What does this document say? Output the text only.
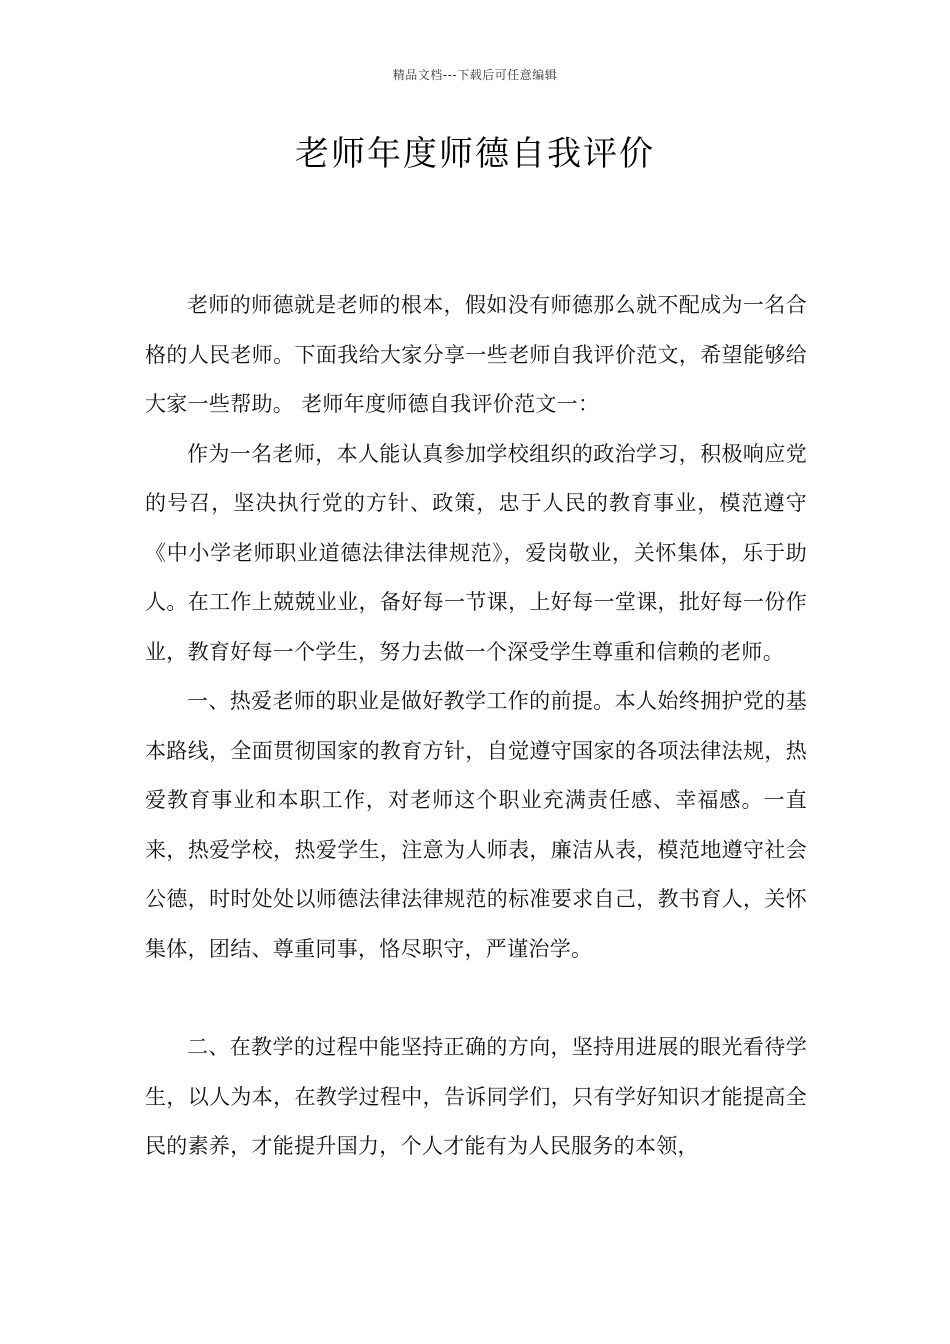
精品文档---下载后可任意编辑
老师年度师德自我评价

老师的师德就是老师的根本，假如没有师德那么就不配成为一名合格的人民老师。下面我给大家分享一些老师自我评价范文，希望能够给大家一些帮助。 老师年度师德自我评价范文一：

作为一名老师，本人能认真参加学校组织的政治学习，积极响应党的号召，坚决执行党的方针、政策，忠于人民的教育事业，模范遵守《中小学老师职业道德法律法律规范》，爱岗敬业，关怀集体，乐于助人。在工作上兢兢业业，备好每一节课，上好每一堂课，批好每一份作业，教育好每一个学生，努力去做一个深受学生尊重和信赖的老师。

一、热爱老师的职业是做好教学工作的前提。本人始终拥护党的基本路线，全面贯彻国家的教育方针，自觉遵守国家的各项法律法规，热爱教育事业和本职工作，对老师这个职业充满责任感、幸福感。一直来，热爱学校，热爱学生，注意为人师表，廉洁从表，模范地遵守社会公德，时时处处以师德法律法律规范的标准要求自己，教书育人，关怀集体，团结、尊重同事，恪尽职守，严谨治学。

二、在教学的过程中能坚持正确的方向，坚持用进展的眼光看待学生，以人为本，在教学过程中，告诉同学们，只有学好知识才能提高全民的素养，才能提升国力，个人才能有为人民服务的本领，
